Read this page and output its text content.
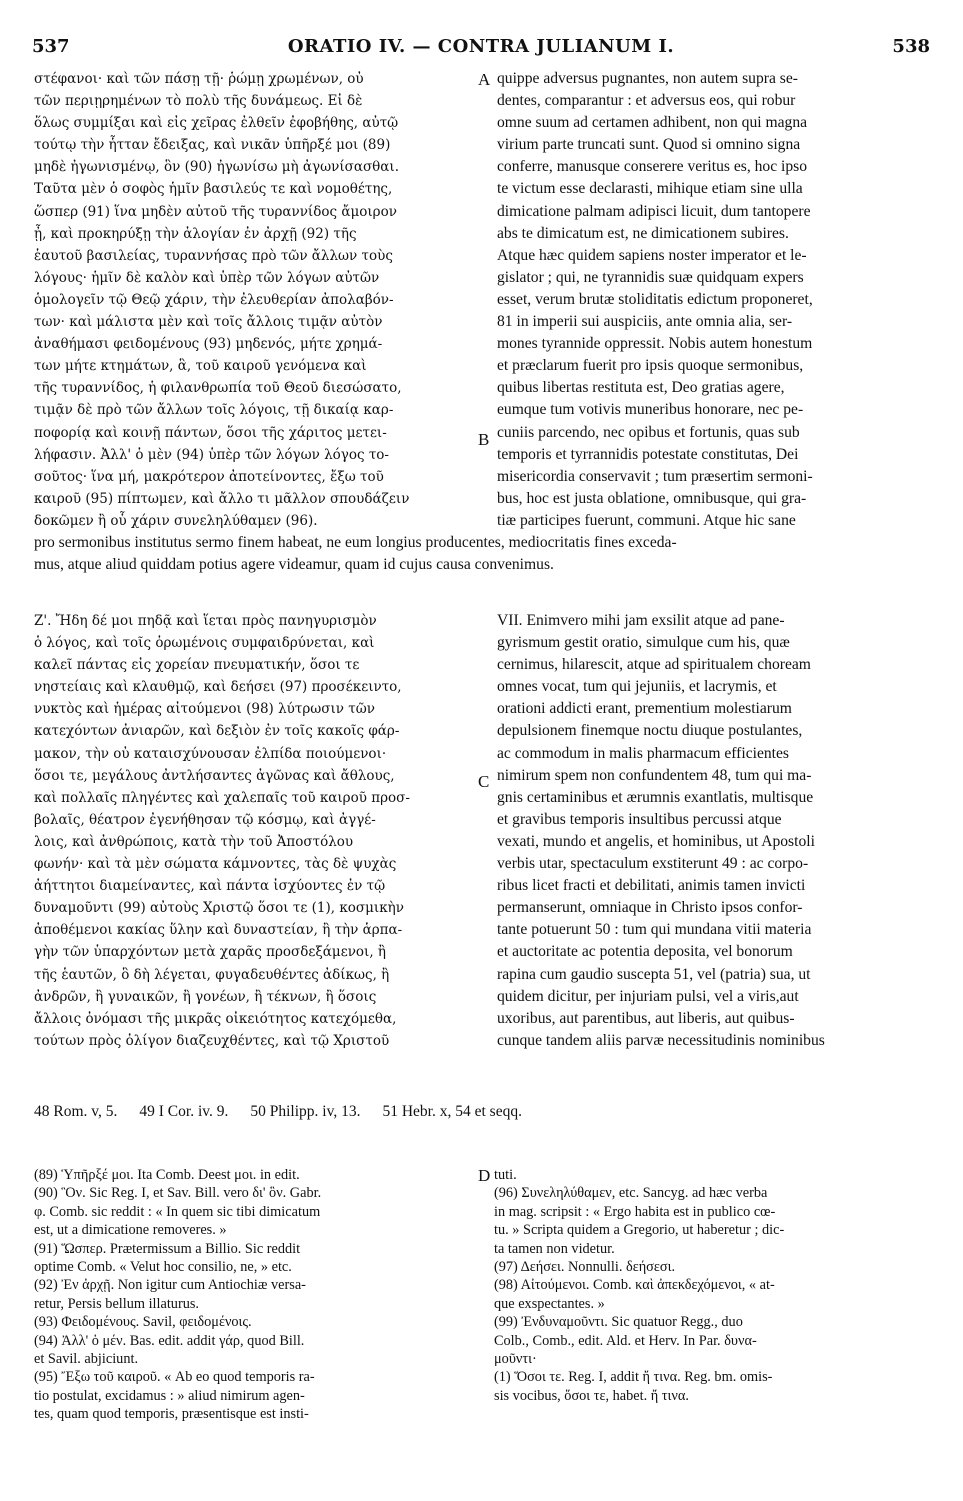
537	ORATIO IV. — CONTRA JULIANUM I.	538
στέφανοι· καὶ τῶν πάσῃ τῇ· ῥώμῃ χρωμένων, οὐ
τῶν περιῃρημένων τὸ πολὺ τῆς δυνάμεως. Εἰ δὲ
ὅλως συμμίξαι καὶ εἰς χεῖρας ἐλθεῖν ἐφοβήθης, αὐτῷ
τούτῳ τὴν ἧτταν ἔδειξας, καὶ νικᾶν ὑπῆρξέ μοι (89)
μηδὲ ἠγωνισμένῳ, ὃν (90) ἠγωνίσω μὴ ἀγωνίσασθαι.
Ταῦτα μὲν ὁ σοφὸς ἡμῖν βασιλεύς τε καὶ νομοθέτης,
ὥσπερ (91) ἵνα μηδὲν αὐτοῦ τῆς τυραννίδος ἄμοιρον
ᾖ, καὶ προκηρύξῃ τὴν ἀλογίαν ἐν ἀρχῇ (92) τῆς
ἑαυτοῦ βασιλείας, τυραννήσας πρὸ τῶν ἄλλων τοὺς
λόγους· ἡμῖν δὲ καλὸν καὶ ὑπὲρ τῶν λόγων αὐτῶν
ὁμολογεῖν τῷ Θεῷ χάριν, τὴν ἐλευθερίαν ἀπολαβόν-
των· καὶ μάλιστα μὲν καὶ τοῖς ἄλλοις τιμᾷν αὐτὸν
ἀναθήμασι φειδομένους (93) μηδενός, μήτε χρημά-
των μήτε κτημάτων, ἃ, τοῦ καιροῦ γενόμενα καὶ
τῆς τυραννίδος, ἡ φιλανθρωπία τοῦ Θεοῦ διεσώσατο,
τιμᾷν δὲ πρὸ τῶν ἄλλων τοῖς λόγοις, τῇ δικαίᾳ καρ-
ποφορίᾳ καὶ κοινῇ πάντων, ὅσοι τῆς χάριτος μετει-
λήφασιν. Ἀλλ' ὁ μὲν (94) ὑπὲρ τῶν λόγων λόγος το-
σοῦτος· ἵνα μή, μακρότερον ἀποτείνοντες, ἔξω τοῦ
καιροῦ (95) πίπτωμεν, καὶ ἄλλο τι μᾶλλον σπουδάζειν
δοκῶμεν ἢ οὗ χάριν συνεληλύθαμεν (96).
quippe adversus pugnantes, non autem supra se-
dentes, comparantur : et adversus eos, qui robur
omne suum ad certamen adhibent, non qui magna
virium parte truncati sunt. Quod si omnino signa
conferre, manusque conserere veritus es, hoc ipso
te victum esse declarasti, mihique etiam sine ulla
dimicatione palmam adipisci licuit, dum tantopere
abs te dimicatum est, ne dimicationem subires.
Atque hæc quidem sapiens noster imperator et le-
gislator ; qui, ne tyrannidis suæ quidquam expers
esset, verum brutæ stoliditatis edictum proponeret,
81 in imperii sui auspiciis, ante omnia alia, ser-
mones tyrannide oppressit. Nobis autem honestum
et præclarum fuerit pro ipsis quoque sermonibus,
quibus libertas restituta est, Deo gratias agere,
eumque tum votivis muneribus honorare, nec pe-
cuniis parcendo, nec opibus et fortunis, quas sub
temporis et tyrrannidis potestate constitutas, Dei
misericordia conservavit ; tum præsertim sermoni-
bus, hoc est justa oblatione, omnibusque, qui gra-
tiæ participes fuerunt, communi. Atque hic sane
A
B
pro sermonibus institutus sermo finem habeat, ne eum longius producentes, mediocritatis fines exceda-
mus, atque aliud quiddam potius agere videamur, quam id cujus causa convenimus.
Ζ'. Ἤδη δέ μοι πηδᾷ καὶ ἵεται πρὸς πανηγυρισμὸν
ὁ λόγος, καὶ τοῖς ὁρωμένοις συμφαιδρύνεται, καὶ
καλεῖ πάντας εἰς χορείαν πνευματικήν, ὅσοι τε
νηστείαις καὶ κλαυθμῷ, καὶ δεήσει (97) προσέκειντο,
νυκτὸς καὶ ἡμέρας αἰτούμενοι (98) λύτρωσιν τῶν
κατεχόντων ἀνιαρῶν, καὶ δεξιὸν ἐν τοῖς κακοῖς φάρ-
μακον, τὴν οὐ καταισχύνουσαν ἐλπίδα ποιούμενοι·
ὅσοι τε, μεγάλους ἀντλήσαντες ἀγῶνας καὶ ἄθλους,
καὶ πολλαῖς πληγέντες καὶ χαλεπαῖς τοῦ καιροῦ προσ-
βολαῖς, θέατρον ἐγενήθησαν τῷ κόσμῳ, καὶ ἀγγέ-
λοις, καὶ ἀνθρώποις, κατὰ τὴν τοῦ Ἀποστόλου
φωνήν· καὶ τὰ μὲν σώματα κάμνοντες, τὰς δὲ ψυχὰς
ἀήττητοι διαμείναντες, καὶ πάντα ἰσχύοντες ἐν τῷ
δυναμοῦντι (99) αὐτοὺς Χριστῷ ὅσοι τε (1), κοσμικὴν
ἀποθέμενοι κακίας ὕλην καὶ δυναστείαν, ἢ τὴν ἁρπα-
γὴν τῶν ὑπαρχόντων μετὰ χαρᾶς προσδεξάμενοι, ἢ
τῆς ἑαυτῶν, ὃ δὴ λέγεται, φυγαδευθέντες ἀδίκως, ἢ
ἀνδρῶν, ἢ γυναικῶν, ἢ γονέων, ἢ τέκνων, ἢ ὅσοις
ἄλλοις ὀνόμασι τῆς μικρᾶς οἰκειότητος κατεχόμεθα,
τούτων πρὸς ὀλίγον διαζευχθέντες, καὶ τῷ Χριστοῦ
VII. Enimvero mihi jam exsilit atque ad pane-
gyrismum gestit oratio, simulque cum his, quæ
cernimus, hilarescit, atque ad spiritualem choream
omnes vocat, tum qui jejuniis, et lacrymis, et
orationi addicti erant, prementium molestiarum
depulsionem finemque noctu diuque postulantes,
ac commodum in malis pharmacum efficientes
nimirum spem non confundentem 48, tum qui ma-
gnis certaminibus et ærumnis exantlatis, multisque
et gravibus temporis insultibus percussi atque
vexati, mundo et angelis, et hominibus, ut Apostoli
verbis utar, spectaculum exstiterunt 49 : ac corpo-
ribus licet fracti et debilitati, animis tamen invicti
permanserunt, omniaque in Christo ipsos confor-
tante potuerunt 50 : tum qui mundana vitii materia
et auctoritate ac potentia deposita, vel bonorum
rapina cum gaudio suscepta 51, vel (patria) sua, ut
quidem dicitur, per injuriam pulsi, vel a viris,aut
uxoribus, aut parentibus, aut liberis, aut quibus-
cunque tandem aliis parvæ necessitudinis nominibus
C
48 Rom. v, 5. 49 I Cor. iv. 9. 50 Philipp. iv, 13. 51 Hebr. x, 54 et seqq.
(89) Ὑπῆρξέ μοι. Ita Comb. Deest μοι. in edit.
(90) Ὃν. Sic Reg. I, et Sav. Bill. vero δι' ὃν. Gabr.
φ. Comb. sic reddit : « In quem sic tibi dimicatum
est, ut a dimicatione removeres. »
(91) Ὥσπερ. Prætermissum a Billio. Sic reddit
optime Comb. « Velut hoc consilio, ne, » etc.
(92) Ἐν ἀρχῇ. Non igitur cum Antiochiæ versa-
retur, Persis bellum illaturus.
(93) Φειδομένους. Savil, φειδομένοις.
(94) Ἀλλ' ὁ μέν. Bas. edit. addit γάρ, quod Bill.
et Savil. abjiciunt.
(95) Ἔξω τοῦ καιροῦ. « Ab eo quod temporis ra-
tio postulat, excidamus : » aliud nimirum agen-
tes, quam quod temporis, præsentisque est insti-
D tuti.
(96) Συνεληλύθαμεν, etc. Sancyg. ad hæc verba
in mag. scripsit : « Ergo habita est in publico cœ-
tu. » Scripta quidem a Gregorio, ut haberetur ; dic-
ta tamen non videtur.
(97) Δεήσει. Nonnulli. δεήσεσι.
(98) Αἰτούμενοι. Comb. καὶ ἀπεκδεχόμενοι, « at-
que exspectantes. »
(99) Ἐνδυναμοῦντι. Sic quatuor Regg., duo
Colb., Comb., edit. Ald. et Herv. In Par. δυνα-
μοῦντι·
(1) Ὅσοι τε. Reg. I, addit ἤ τινα. Reg. bm. omis-
sis vocibus, ὅσοι τε, habet. ἤ τινα.
